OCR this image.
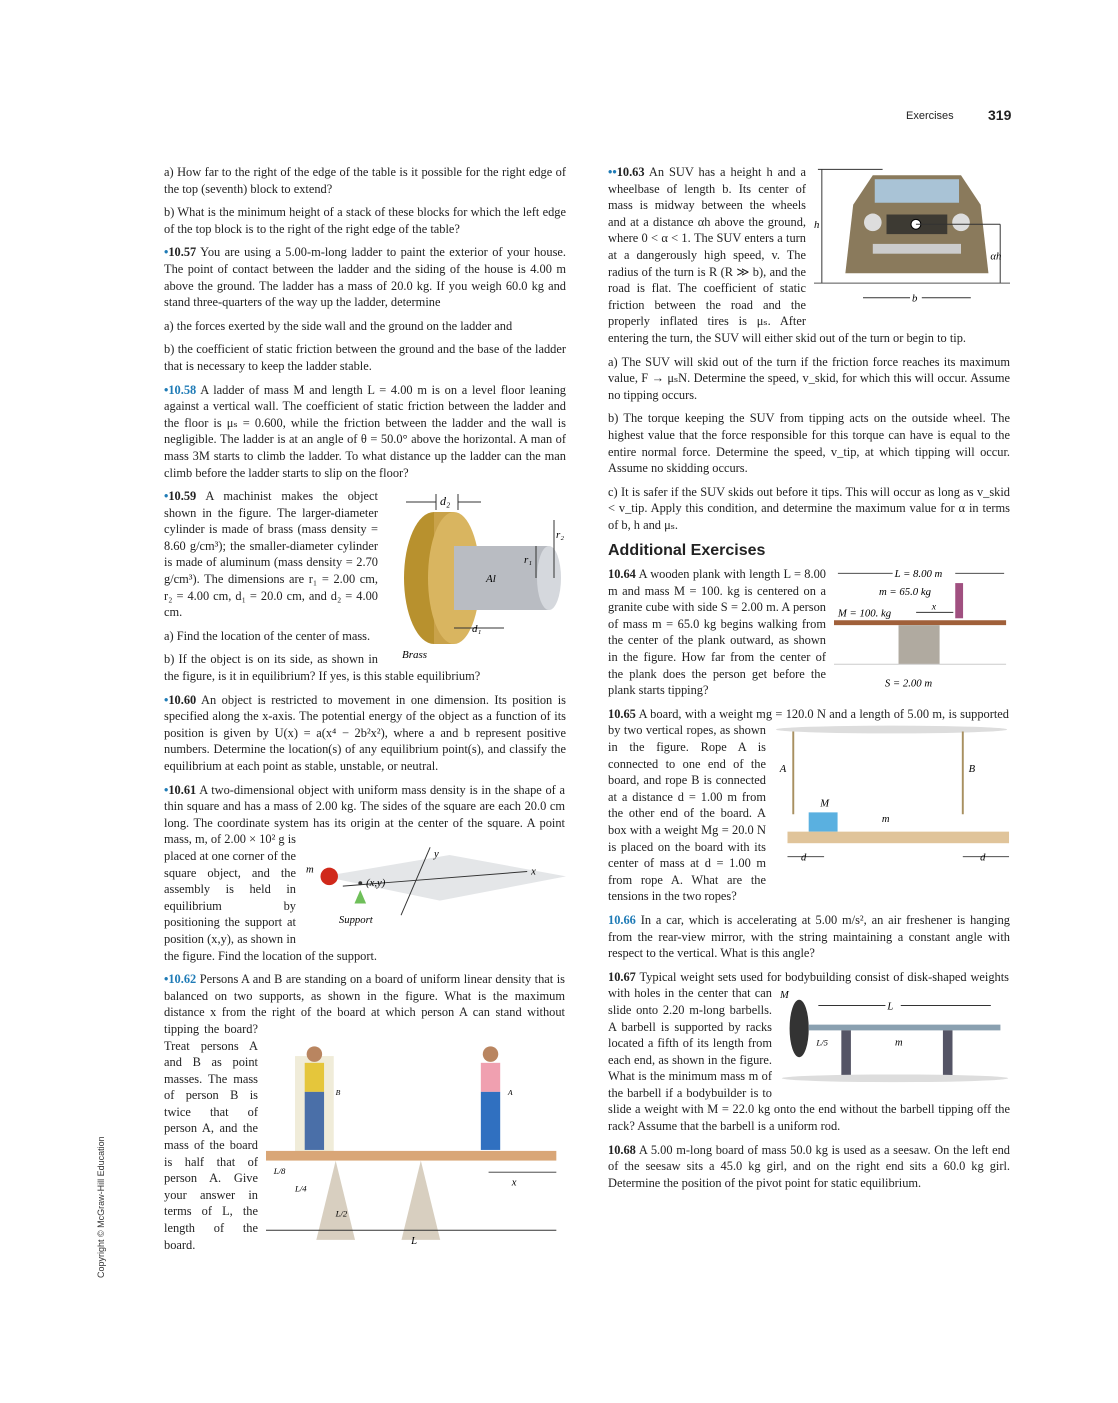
Exercises 319
Copyright © McGraw-Hill Education

a) How far to the right of the edge of the table is it possible for the right edge of the top (seventh) block to extend?

b) What is the minimum height of a stack of these blocks for which the left edge of the top block is to the right of the right edge of the table?

•10.57 You are using a 5.00-m-long ladder to paint the exterior of your house. The point of contact between the ladder and the siding of the house is 4.00 m above the ground. The ladder has a mass of 20.0 kg. If you weigh 60.0 kg and stand three-quarters of the way up the ladder, determine

a) the forces exerted by the side wall and the ground on the ladder and

b) the coefficient of static friction between the ground and the base of the ladder that is necessary to keep the ladder stable.

•10.58 A ladder of mass M and length L = 4.00 m is on a level floor leaning against a vertical wall. The coefficient of static friction between the ladder and the floor is μₛ = 0.600, while the friction between the ladder and the wall is negligible. The ladder is at an angle of θ = 50.0° above the horizontal. A man of mass 3M starts to climb the ladder. To what distance up the ladder can the man climb before the ladder starts to slip on the floor?

d₂
Al
r₂
r₁
d₁
Brass

•10.59 A machinist makes the object shown in the figure. The larger-diameter cylinder is made of brass (mass density = 8.60 g/cm³); the smaller-diameter cylinder is made of aluminum (mass density = 2.70 g/cm³). The dimensions are r₁ = 2.00 cm, r₂ = 4.00 cm, d₁ = 20.0 cm, and d₂ = 4.00 cm.

a) Find the location of the center of mass.

b) If the object is on its side, as shown in the figure, is it in equilibrium? If yes, is this stable equilibrium?

•10.60 An object is restricted to movement in one dimension. Its position is specified along the x-axis. The potential energy of the object as a function of its position is given by U(x) = a(x⁴ − 2b²x²), where a and b represent positive numbers. Determine the location(s) of any equilibrium point(s), and classify the equilibrium at each point as stable, unstable, or neutral.

y
x
m
(x,y)
Support

•10.61 A two-dimensional object with uniform mass density is in the shape of a thin square and has a mass of 2.00 kg. The sides of the square are each 20.0 cm long. The coordinate system has its origin at the center of the square. A point mass, m, of 2.00 × 10² g is placed at one corner of the square object, and the assembly is held in equilibrium by positioning the support at position (x,y), as shown in the figure. Find the location of the support.

B	A
L/8
L/4
L/2
L
x

•10.62 Persons A and B are standing on a board of uniform linear density that is balanced on two supports, as shown in the figure. What is the maximum distance x from the right of the board at which person A can stand without tipping the board? Treat persons A and B as point masses. The mass of person B is twice that of person A, and the mass of the board is half that of person A. Give your answer in terms of L, the length of the board.

h
αh
b

••10.63 An SUV has a height h and a wheelbase of length b. Its center of mass is midway between the wheels and at a distance αh above the ground, where 0 < α < 1. The SUV enters a turn at a dangerously high speed, v. The radius of the turn is R (R ≫ b), and the road is flat. The coefficient of static friction between the road and the properly inflated tires is μₛ. After entering the turn, the SUV will either skid out of the turn or begin to tip.

a) The SUV will skid out of the turn if the friction force reaches its maximum value, F → μₛN. Determine the speed, v_skid, for which this will occur. Assume no tipping occurs.

b) The torque keeping the SUV from tipping acts on the outside wheel. The highest value that the force responsible for this torque can have is equal to the entire normal force. Determine the speed, v_tip, at which tipping will occur. Assume no skidding occurs.

c) It is safer if the SUV skids out before it tips. This will occur as long as v_skid < v_tip. Apply this condition, and determine the maximum value for α in terms of b, h and μₛ.

Additional Exercises
L = 8.00 m
m = 65.0 kg
M = 100. kg
x
S = 2.00 m

10.64 A wooden plank with length L = 8.00 m and mass M = 100. kg is centered on a granite cube with side S = 2.00 m. A person of mass m = 65.0 kg begins walking from the center of the plank outward, as shown in the figure. How far from the center of the plank does the person get before the plank starts tipping?

A	B
M
m
d	d

10.65 A board, with a weight mg = 120.0 N and a length of 5.00 m, is supported by two vertical ropes, as shown in the figure. Rope A is connected to one end of the board, and rope B is connected at a distance d = 1.00 m from the other end of the board. A box with a weight Mg = 20.0 N is placed on the board with its center of mass at d = 1.00 m from rope A. What are the tensions in the two ropes?

10.66 In a car, which is accelerating at 5.00 m/s², an air freshener is hanging from the rear-view mirror, with the string maintaining a constant angle with respect to the vertical. What is this angle?

M
L
m
L/5

10.67 Typical weight sets used for bodybuilding consist of disk-shaped weights with holes in the center that can slide onto 2.20 m-long barbells. A barbell is supported by racks located a fifth of its length from each end, as shown in the figure. What is the minimum mass m of the barbell if a bodybuilder is to slide a weight with M = 22.0 kg onto the end without the barbell tipping off the rack? Assume that the barbell is a uniform rod.

10.68 A 5.00 m-long board of mass 50.0 kg is used as a seesaw. On the left end of the seesaw sits a 45.0 kg girl, and on the right end sits a 60.0 kg girl. Determine the position of the pivot point for static equilibrium.
